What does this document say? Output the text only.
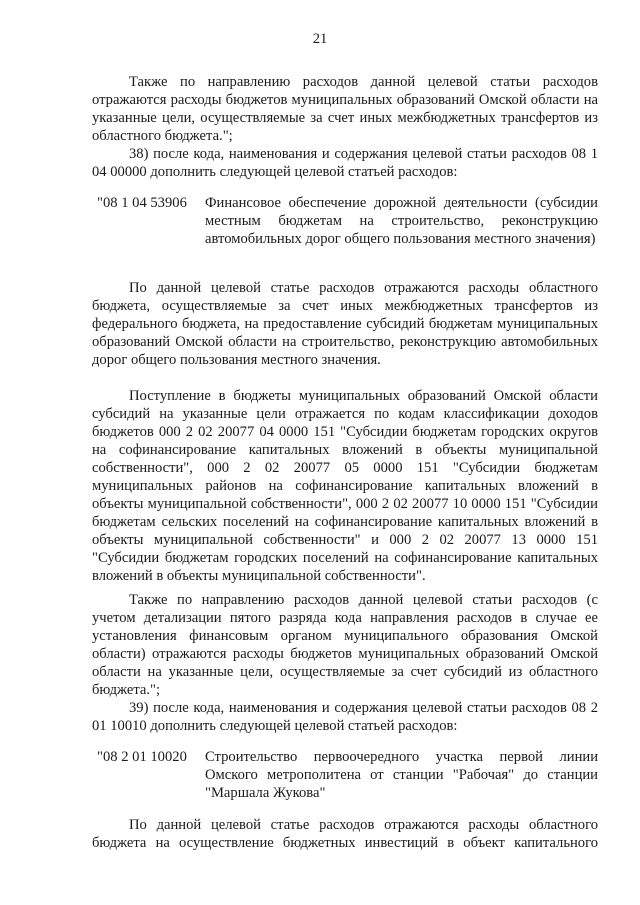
21

Также по направлению расходов данной целевой статьи расходов отражаются расходы бюджетов муниципальных образований Омской области на указанные цели, осуществляемые за счет иных межбюджетных трансфертов из областного бюджета.";

38) после кода, наименования и содержания целевой статьи расходов 08 1 04 00000 дополнить следующей целевой статьей расходов:

"08 1 04 53906 Финансовое обеспечение дорожной деятельности (субсидии местным бюджетам на строительство, реконструкцию автомобильных дорог общего пользования местного значения)

По данной целевой статье расходов отражаются расходы областного бюджета, осуществляемые за счет иных межбюджетных трансфертов из федерального бюджета, на предоставление субсидий бюджетам муниципальных образований Омской области на строительство, реконструкцию автомобильных дорог общего пользования местного значения.

Поступление в бюджеты муниципальных образований Омской области субсидий на указанные цели отражается по кодам классификации доходов бюджетов 000 2 02 20077 04 0000 151 "Субсидии бюджетам городских округов на софинансирование капитальных вложений в объекты муниципальной собственности", 000 2 02 20077 05 0000 151 "Субсидии бюджетам муниципальных районов на софинансирование капитальных вложений в объекты муниципальной собственности", 000 2 02 20077 10 0000 151 "Субсидии бюджетам сельских поселений на софинансирование капитальных вложений в объекты муниципальной собственности" и 000 2 02 20077 13 0000 151 "Субсидии бюджетам городских поселений на софинансирование капитальных вложений в объекты муниципальной собственности".

Также по направлению расходов данной целевой статьи расходов (с учетом детализации пятого разряда кода направления расходов в случае ее установления финансовым органом муниципального образования Омской области) отражаются расходы бюджетов муниципальных образований Омской области на указанные цели, осуществляемые за счет субсидий из областного бюджета.";

39) после кода, наименования и содержания целевой статьи расходов 08 2 01 10010 дополнить следующей целевой статьей расходов:

"08 2 01 10020 Строительство первоочередного участка первой линии Омского метрополитена от станции "Рабочая" до станции "Маршала Жукова"

По данной целевой статье расходов отражаются расходы областного бюджета на осуществление бюджетных инвестиций в объект капитального
